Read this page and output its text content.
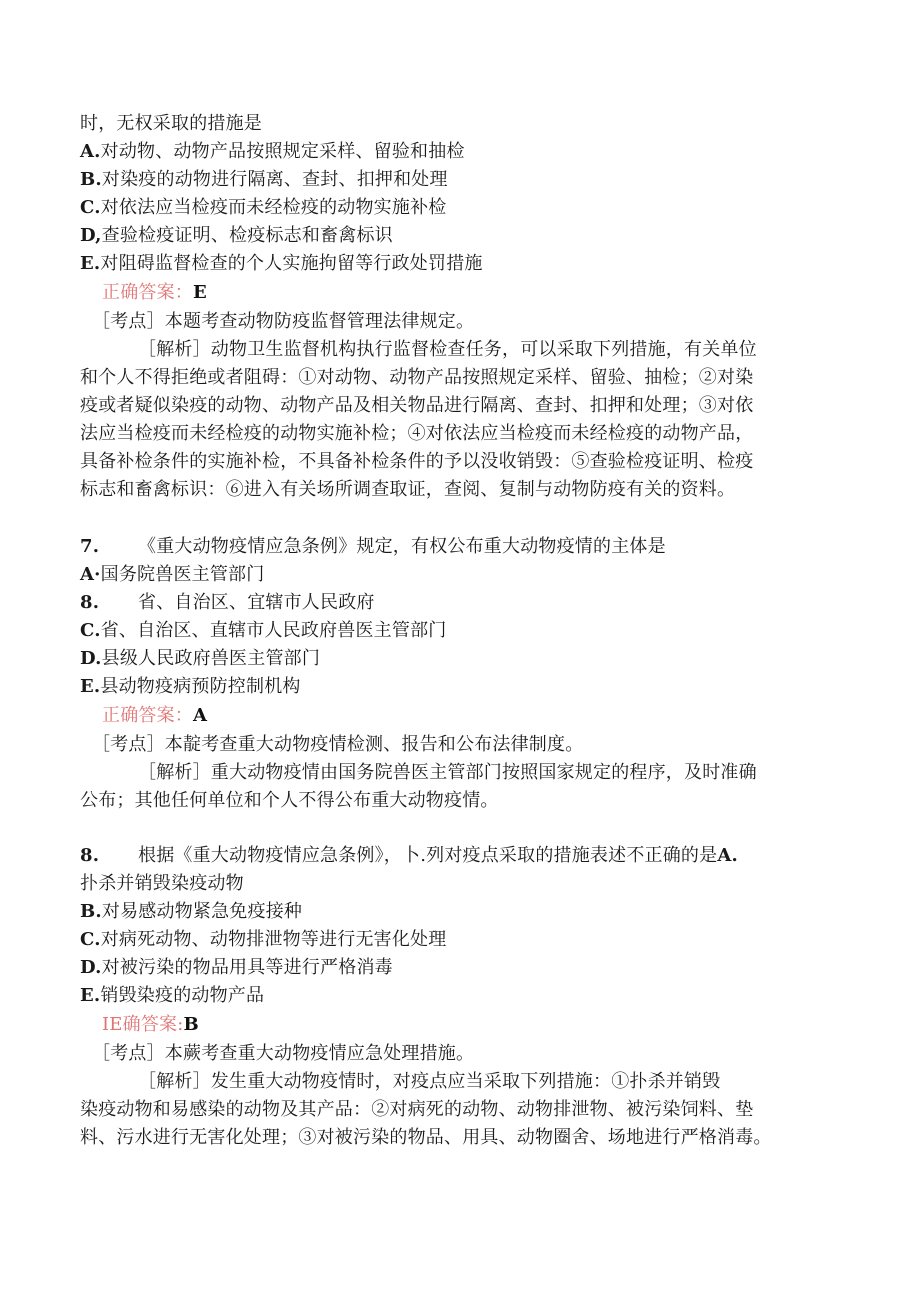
时，无权采取的措施是
A.对动物、动物产品按照规定采样、留验和抽检
B.对染疫的动物进行隔离、查封、扣押和处理
C.对依法应当检疫而未经检疫的动物实施补检
D,查验检疫证明、检疫标志和畜禽标识
E.对阻碍监督检查的个人实施拘留等行政处罚措施
正确答案：E
［考点］本题考查动物防疫监督管理法律规定。
［解析］动物卫生监督机构执行监督检查任务，可以采取下列措施，有关单位
和个人不得拒绝或者阻碍：①对动物、动物产品按照规定采样、留验、抽检；②对染
疫或者疑似染疫的动物、动物产品及相关物品进行隔离、查封、扣押和处理；③对依
法应当检疫而未经检疫的动物实施补检；④对依法应当检疫而未经检疫的动物产品，
具备补检条件的实施补检，不具备补检条件的予以没收销毁：⑤查验检疫证明、检疫
标志和畜禽标识：⑥进入有关场所调查取证，查阅、复制与动物防疫有关的资料。
7. 《重大动物疫情应急条例》规定，有权公布重大动物疫情的主体是
A·国务院兽医主管部门
8. 省、自治区、宜辖市人民政府
C.省、自治区、直辖市人民政府兽医主管部门
D.县级人民政府兽医主管部门
E.县动物疫病预防控制机构
正确答案：A
［考点］本靛考查重大动物疫情检测、报告和公布法律制度。
［解析］重大动物疫情由国务院兽医主管部门按照国家规定的程序，及时准确
公布；其他任何单位和个人不得公布重大动物疫情。
8. 根据《重大动物疫情应急条例》，卜.列对疫点采取的措施表述不正确的是A.
扑杀并销毁染疫动物
B.对易感动物紧急免疫接种
C.对病死动物、动物排泄物等进行无害化处理
D.对被污染的物品用具等进行严格消毒
E.销毁染疫的动物产品
IE确答案:B
［考点］本蕨考查重大动物疫情应急处理措施。
［解析］发生重大动物疫情时，对疫点应当采取下列措施：①扑杀并销毁
染疫动物和易感染的动物及其产品：②对病死的动物、动物排泄物、被污染饲料、垫
料、污水进行无害化处理；③对被污染的物品、用具、动物圈舍、场地进行严格消毒。
